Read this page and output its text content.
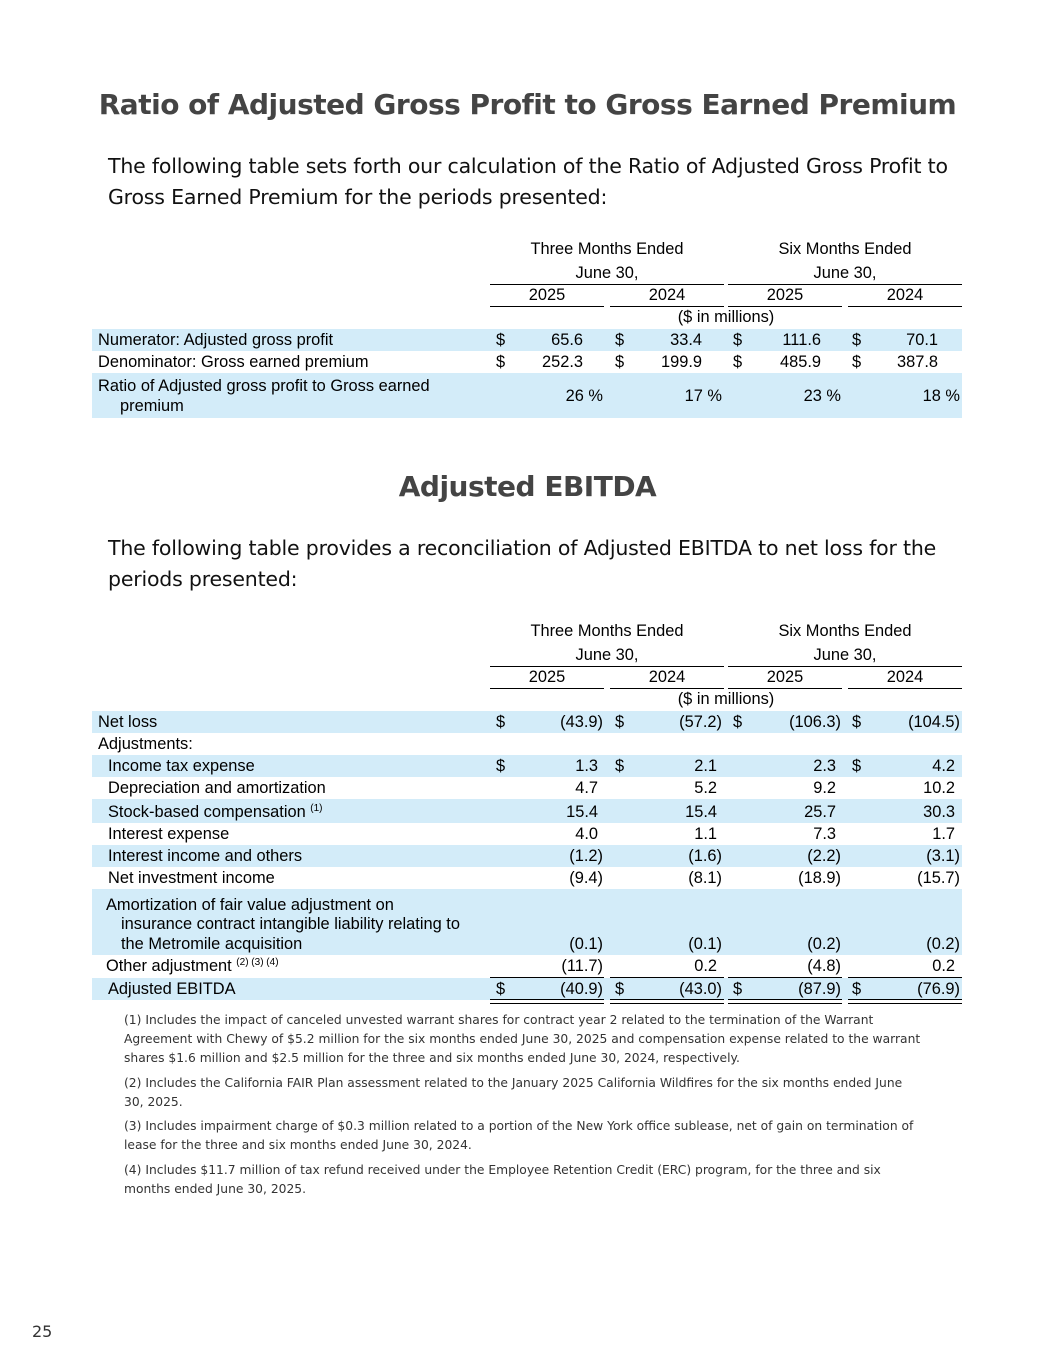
Ratio of Adjusted Gross Profit to Gross Earned Premium
The following table sets forth our calculation of the Ratio of Adjusted Gross Profit to Gross Earned Premium for the periods presented:
Three Months Ended
June 30,
Six Months Ended
June 30,
2025	2024	2025	2024
($ in millions)
Numerator: Adjusted gross profit	$	65.6 $	33.4 $ 111.6 $	70.1
Denominator: Gross earned premium	$ 252.3 $ 199.9 $ 485.9 $ 387.8
Ratio of Adjusted gross profit to Gross earned
premium
26 %	17 %	23 %	18 %
Adjusted EBITDA
The following table provides a reconciliation of Adjusted EBITDA to net loss for the periods presented:
Three Months Ended
June 30,
Six Months Ended
June 30,
2025	2024	2025	2024
($ in millions)
Net loss	$	(43.9) $	(57.2) $	(106.3) $	(104.5)
Adjustments:
Income tax expense	$	1.3 $	2.1	2.3 $	4.2
Depreciation and amortization	4.7	5.2	9.2	10.2
Stock-based compensation $^{(1)}$	15.4	15.4	25.7	30.3
Interest expense	4.0	1.1	7.3	1.7
Interest income and others	(1.2)	(1.6)	(2.2)	(3.1)
Net investment income	(9.4)	(8.1)	(18.9)	(15.7)
Amortization of fair value adjustment on
insurance contract intangible liability relating to
the Metromile acquisition	(0.1)	(0.1)	(0.2)	(0.2)
Other adjustment $^{(2) (3) (4)}$	(11.7)	0.2	(4.8)	0.2
Adjusted EBITDA	$	(40.9) $	(43.0) $	(87.9) $	(76.9)
(1) Includes the impact of canceled unvested warrant shares for contract year 2 related to the termination of the Warrant Agreement with Chewy of $5.2 million for the six months ended June 30, 2025 and compensation expense related to the warrant shares $1.6 million and $2.5 million for the three and six months ended June 30, 2024, respectively.
(2) Includes the California FAIR Plan assessment related to the January 2025 California Wildfires for the six months ended June 30, 2025.
(3) Includes impairment charge of $0.3 million related to a portion of the New York office sublease, net of gain on termination of lease for the three and six months ended June 30, 2024.
(4) Includes $11.7 million of tax refund received under the Employee Retention Credit (ERC) program, for the three and six months ended June 30, 2025.
25
